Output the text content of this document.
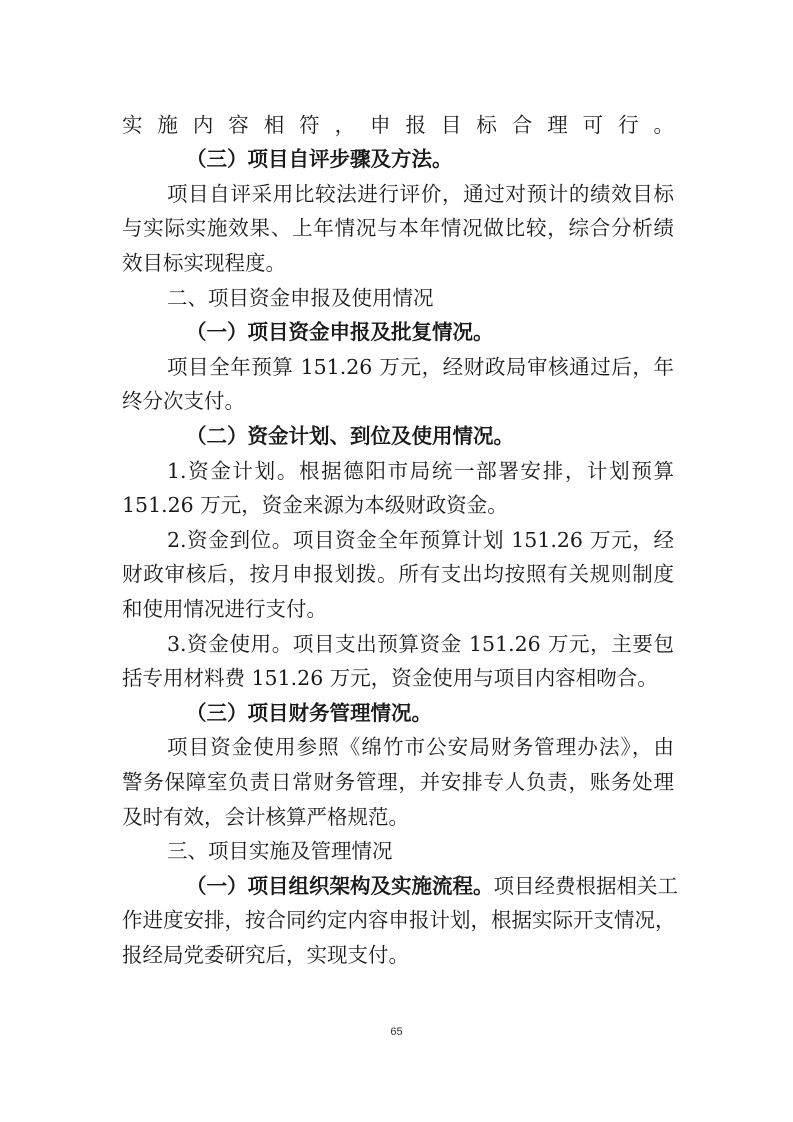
实施内容相符，申报目标合理可行。
（三）项目自评步骤及方法。
项目自评采用比较法进行评价，通过对预计的绩效目标
与实际实施效果、上年情况与本年情况做比较，综合分析绩
效目标实现程度。
二、项目资金申报及使用情况
（一）项目资金申报及批复情况。
项目全年预算 151.26 万元，经财政局审核通过后，年
终分次支付。
（二）资金计划、到位及使用情况。
1.资金计划。根据德阳市局统一部署安排，计划预算
151.26 万元，资金来源为本级财政资金。
2.资金到位。项目资金全年预算计划 151.26 万元，经
财政审核后，按月申报划拨。所有支出均按照有关规则制度
和使用情况进行支付。
3.资金使用。项目支出预算资金 151.26 万元，主要包
括专用材料费 151.26 万元，资金使用与项目内容相吻合。
（三）项目财务管理情况。
项目资金使用参照《绵竹市公安局财务管理办法》，由
警务保障室负责日常财务管理，并安排专人负责，账务处理
及时有效，会计核算严格规范。
三、项目实施及管理情况
（一）项目组织架构及实施流程。项目经费根据相关工
作进度安排，按合同约定内容申报计划，根据实际开支情况，
报经局党委研究后，实现支付。
65
